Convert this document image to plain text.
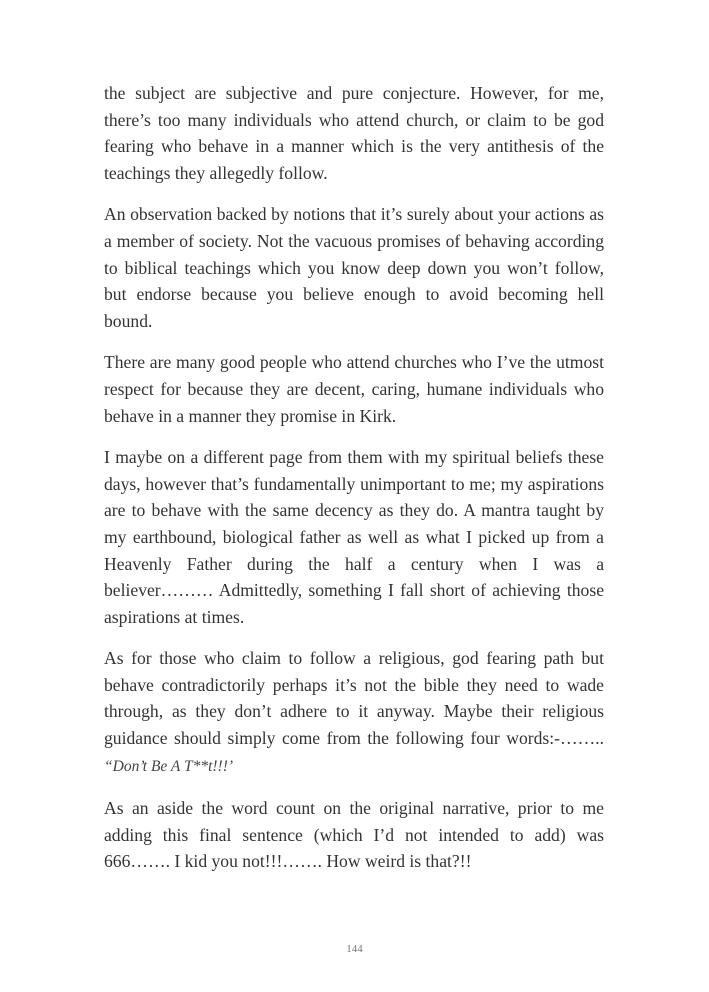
the subject are subjective and pure conjecture. However, for me, there’s too many individuals who attend church, or claim to be god fearing who behave in a manner which is the very antithesis of the teachings they allegedly follow.

An observation backed by notions that it’s surely about your actions as a member of society. Not the vacuous promises of behaving according to biblical teachings which you know deep down you won’t follow, but endorse because you believe enough to avoid becoming hell bound.

There are many good people who attend churches who I’ve the utmost respect for because they are decent, caring, humane individuals who behave in a manner they promise in Kirk.

I maybe on a different page from them with my spiritual beliefs these days, however that’s fundamentally unimportant to me; my aspirations are to behave with the same decency as they do. A mantra taught by my earthbound, biological father as well as what I picked up from a Heavenly Father during the half a century when I was a believer……… Admittedly, something I fall short of achieving those aspirations at times.

As for those who claim to follow a religious, god fearing path but behave contradictorily perhaps it’s not the bible they need to wade through, as they don’t adhere to it anyway. Maybe their religious guidance should simply come from the following four words:-…….. “Don’t Be A T**t!!!’

As an aside the word count on the original narrative, prior to me adding this final sentence (which I’d not intended to add) was 666……. I kid you not!!!……. How weird is that?!!

144
